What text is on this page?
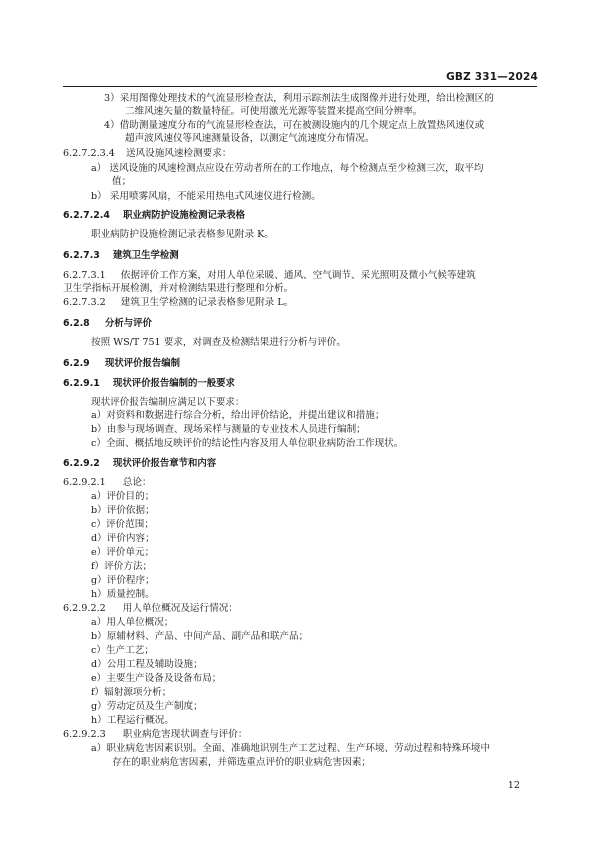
GBZ 331—2024
3）采用图像处理技术的气流显形检查法，利用示踪剂法生成图像并进行处理，给出检测区的
二维风速矢量的数量特征。可使用激光光源等装置来提高空间分辨率。
4）借助测量速度分布的气流显形检查法，可在被测设施内的几个规定点上放置热风速仪或
超声波风速仪等风速测量设备，以测定气流速度分布情况。
6.2.7.2.3.4 送风设施风速检测要求：
a） 送风设施的风速检测点应设在劳动者所在的工作地点，每个检测点至少检测三次，取平均
值；
b） 采用喷雾风扇，不能采用热电式风速仪进行检测。
6.2.7.2.4 职业病防护设施检测记录表格
职业病防护设施检测记录表格参见附录 K。
6.2.7.3 建筑卫生学检测
6.2.7.3.1 依据评价工作方案，对用人单位采暖、通风、空气调节、采光照明及微小气候等建筑
卫生学指标开展检测，并对检测结果进行整理和分析。
6.2.7.3.2 建筑卫生学检测的记录表格参见附录 L。
6.2.8 分析与评价
按照 WS/T 751 要求，对调查及检测结果进行分析与评价。
6.2.9 现状评价报告编制
6.2.9.1 现状评价报告编制的一般要求
现状评价报告编制应满足以下要求：
a）对资料和数据进行综合分析，给出评价结论，并提出建议和措施；
b）由参与现场调查、现场采样与测量的专业技术人员进行编制；
c）全面、概括地反映评价的结论性内容及用人单位职业病防治工作现状。
6.2.9.2 现状评价报告章节和内容
6.2.9.2.1 总论：
a）评价目的；
b）评价依据；
c）评价范围；
d）评价内容；
e）评价单元；
f）评价方法；
g）评价程序；
h）质量控制。
6.2.9.2.2 用人单位概况及运行情况：
a）用人单位概况；
b）原辅材料、产品、中间产品、副产品和联产品；
c）生产工艺；
d）公用工程及辅助设施；
e）主要生产设备及设备布局；
f）辐射源项分析；
g）劳动定员及生产制度；
h）工程运行概况。
6.2.9.2.3 职业病危害现状调查与评价：
a）职业病危害因素识别。全面、准确地识别生产工艺过程、生产环境、劳动过程和特殊环境中
存在的职业病危害因素，并筛选重点评价的职业病危害因素；
12
